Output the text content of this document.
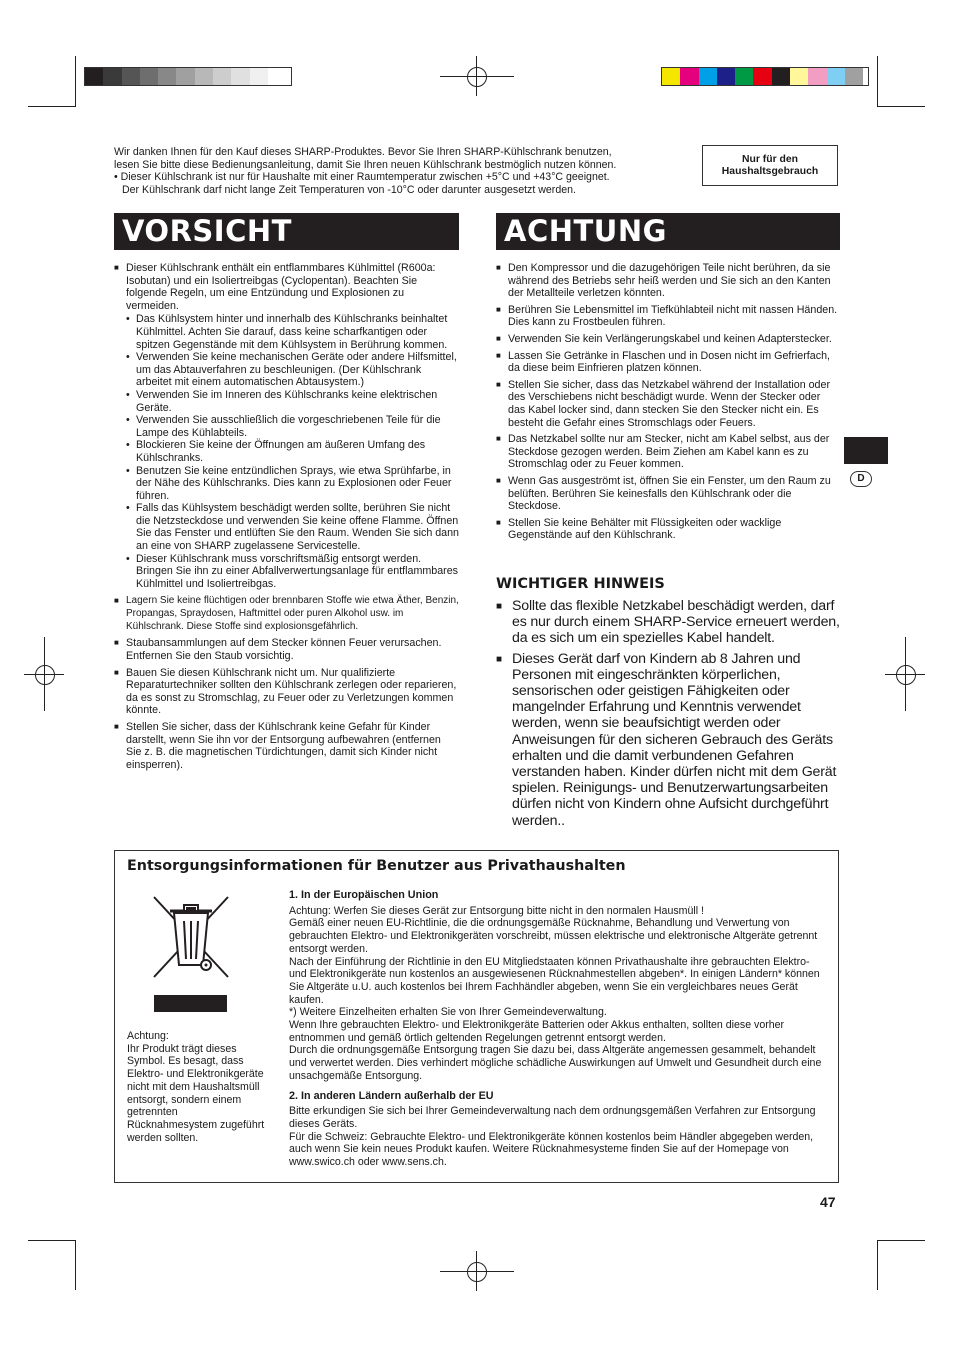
Wir danken Ihnen für den Kauf dieses SHARP-Produktes. Bevor Sie Ihren SHARP-Kühlschrank benutzen,

lesen Sie bitte diese Bedienungsanleitung, damit Sie Ihren neuen Kühlschrank bestmöglich nutzen können.

• Dieser Kühlschrank ist nur für Haushalte mit einer Raumtemperatur zwischen +5°C und +43°C geeignet.

Der Kühlschrank darf nicht lange Zeit Temperaturen von -10°C oder darunter ausgesetzt werden.

Nur für den Haushaltsgebrauch
VORSICHT
■ Dieser Kühlschrank enthält ein entflammbares Kühlmittel (R600a: Isobutan) und ein Isoliertreibgas (Cyclopentan). Beachten Sie folgende Regeln, um eine Entzündung und Explosionen zu vermeiden.
• Das Kühlsystem hinter und innerhalb des Kühlschranks beinhaltet Kühlmittel. Achten Sie darauf, dass keine scharfkantigen oder spitzen Gegenstände mit dem Kühlsystem in Berührung kommen.
• Verwenden Sie keine mechanischen Geräte oder andere Hilfsmittel, um das Abtauverfahren zu beschleunigen. (Der Kühlschrank arbeitet mit einem automatischen Abtausystem.)
• Verwenden Sie im Inneren des Kühlschranks keine elektrischen Geräte.
• Verwenden Sie ausschließlich die vorgeschriebenen Teile für die Lampe des Kühlabteils.
• Blockieren Sie keine der Öffnungen am äußeren Umfang des Kühlschranks.
• Benutzen Sie keine entzündlichen Sprays, wie etwa Sprühfarbe, in der Nähe des Kühlschranks. Dies kann zu Explosionen oder Feuer führen.
• Falls das Kühlsystem beschädigt werden sollte, berühren Sie nicht die Netzsteckdose und verwenden Sie keine offene Flamme. Öffnen Sie das Fenster und entlüften Sie den Raum. Wenden Sie sich dann an eine von SHARP zugelassene Servicestelle.
• Dieser Kühlschrank muss vorschriftsmäßig entsorgt werden. Bringen Sie ihn zu einer Abfallverwertungsanlage für entflammbares Kühlmittel und Isoliertreibgas.
■ Lagern Sie keine flüchtigen oder brennbaren Stoffe wie etwa Äther, Benzin, Propangas, Spraydosen, Haftmittel oder puren Alkohol usw. im Kühlschrank. Diese Stoffe sind explosionsgefährlich.
■ Staubansammlungen auf dem Stecker können Feuer verursachen. Entfernen Sie den Staub vorsichtig.
■ Bauen Sie diesen Kühlschrank nicht um. Nur qualifizierte Reparaturtechniker sollten den Kühlschrank zerlegen oder reparieren, da es sonst zu Stromschlag, zu Feuer oder zu Verletzungen kommen könnte.
■ Stellen Sie sicher, dass der Kühlschrank keine Gefahr für Kinder darstellt, wenn Sie ihn vor der Entsorgung aufbewahren (entfernen Sie z. B. die magnetischen Türdichtungen, damit sich Kinder nicht einsperren).
ACHTUNG
■ Den Kompressor und die dazugehörigen Teile nicht berühren, da sie während des Betriebs sehr heiß werden und Sie sich an den Kanten der Metallteile verletzen könnten.
■ Berühren Sie Lebensmittel im Tiefkühlabteil nicht mit nassen Händen. Dies kann zu Frostbeulen führen.
■ Verwenden Sie kein Verlängerungskabel und keinen Adapterstecker.
■ Lassen Sie Getränke in Flaschen und in Dosen nicht im Gefrierfach, da diese beim Einfrieren platzen können.
■ Stellen Sie sicher, dass das Netzkabel während der Installation oder des Verschiebens nicht beschädigt wurde. Wenn der Stecker oder das Kabel locker sind, dann stecken Sie den Stecker nicht ein. Es besteht die Gefahr eines Stromschlags oder Feuers.
■ Das Netzkabel sollte nur am Stecker, nicht am Kabel selbst, aus der Steckdose gezogen werden. Beim Ziehen am Kabel kann es zu Stromschlag oder zu Feuer kommen.
■ Wenn Gas ausgeströmt ist, öffnen Sie ein Fenster, um den Raum zu belüften. Berühren Sie keinesfalls den Kühlschrank oder die Steckdose.
■ Stellen Sie keine Behälter mit Flüssigkeiten oder wacklige Gegenstände auf den Kühlschrank.
WICHTIGER HINWEIS
■ Sollte das flexible Netzkabel beschädigt werden, darf es nur durch einem SHARP-Service erneuert werden, da es sich um ein spezielles Kabel handelt.
■ Dieses Gerät darf von Kindern ab 8 Jahren und Personen mit eingeschränkten körperlichen, sensorischen oder geistigen Fähigkeiten oder mangelnder Erfahrung und Kenntnis verwendet werden, wenn sie beaufsichtigt werden oder Anweisungen für den sicheren Gebrauch des Geräts erhalten und die damit verbundenen Gefahren verstanden haben. Kinder dürfen nicht mit dem Gerät spielen. Reinigungs- und Benutzerwartungsarbeiten dürfen nicht von Kindern ohne Aufsicht durchgeführt werden..
D
Entsorgungsinformationen für Benutzer aus Privathaushalten
Achtung:
Ihr Produkt trägt dieses Symbol. Es besagt, dass Elektro- und Elektronikgeräte nicht mit dem Haushaltsmüll entsorgt, sondern einem getrennten Rücknahmesystem zugeführt werden sollten.
1. In der Europäischen Union

Achtung: Werfen Sie dieses Gerät zur Entsorgung bitte nicht in den normalen Hausmüll !
Gemäß einer neuen EU-Richtlinie, die die ordnungsgemäße Rücknahme, Behandlung und Verwertung von gebrauchten Elektro- und Elektronikgeräten vorschreibt, müssen elektrische und elektronische Altgeräte getrennt entsorgt werden.
Nach der Einführung der Richtlinie in den EU Mitgliedstaaten können Privathaushalte ihre gebrauchten Elektro- und Elektronikgeräte nun kostenlos an ausgewiesenen Rücknahmestellen abgeben*. In einigen Ländern* können Sie Altgeräte u.U. auch kostenlos bei Ihrem Fachhändler abgeben, wenn Sie ein vergleichbares neues Gerät kaufen.
*) Weitere Einzelheiten erhalten Sie von Ihrer Gemeindeverwaltung.
Wenn Ihre gebrauchten Elektro- und Elektronikgeräte Batterien oder Akkus enthalten, sollten diese vorher entnommen und gemäß örtlich geltenden Regelungen getrennt entsorgt werden.
Durch die ordnungsgemäße Entsorgung tragen Sie dazu bei, dass Altgeräte angemessen gesammelt, behandelt und verwertet werden. Dies verhindert mögliche schädliche Auswirkungen auf Umwelt und Gesundheit durch eine unsachgemäße Entsorgung.

2. In anderen Ländern außerhalb der EU

Bitte erkundigen Sie sich bei Ihrer Gemeindeverwaltung nach dem ordnungsgemäßen Verfahren zur Entsorgung dieses Geräts.
Für die Schweiz: Gebrauchte Elektro- und Elektronikgeräte können kostenlos beim Händler abgegeben werden, auch wenn Sie kein neues Produkt kaufen. Weitere Rücknahmesysteme finden Sie auf der Homepage von www.swico.ch oder www.sens.ch.

47
